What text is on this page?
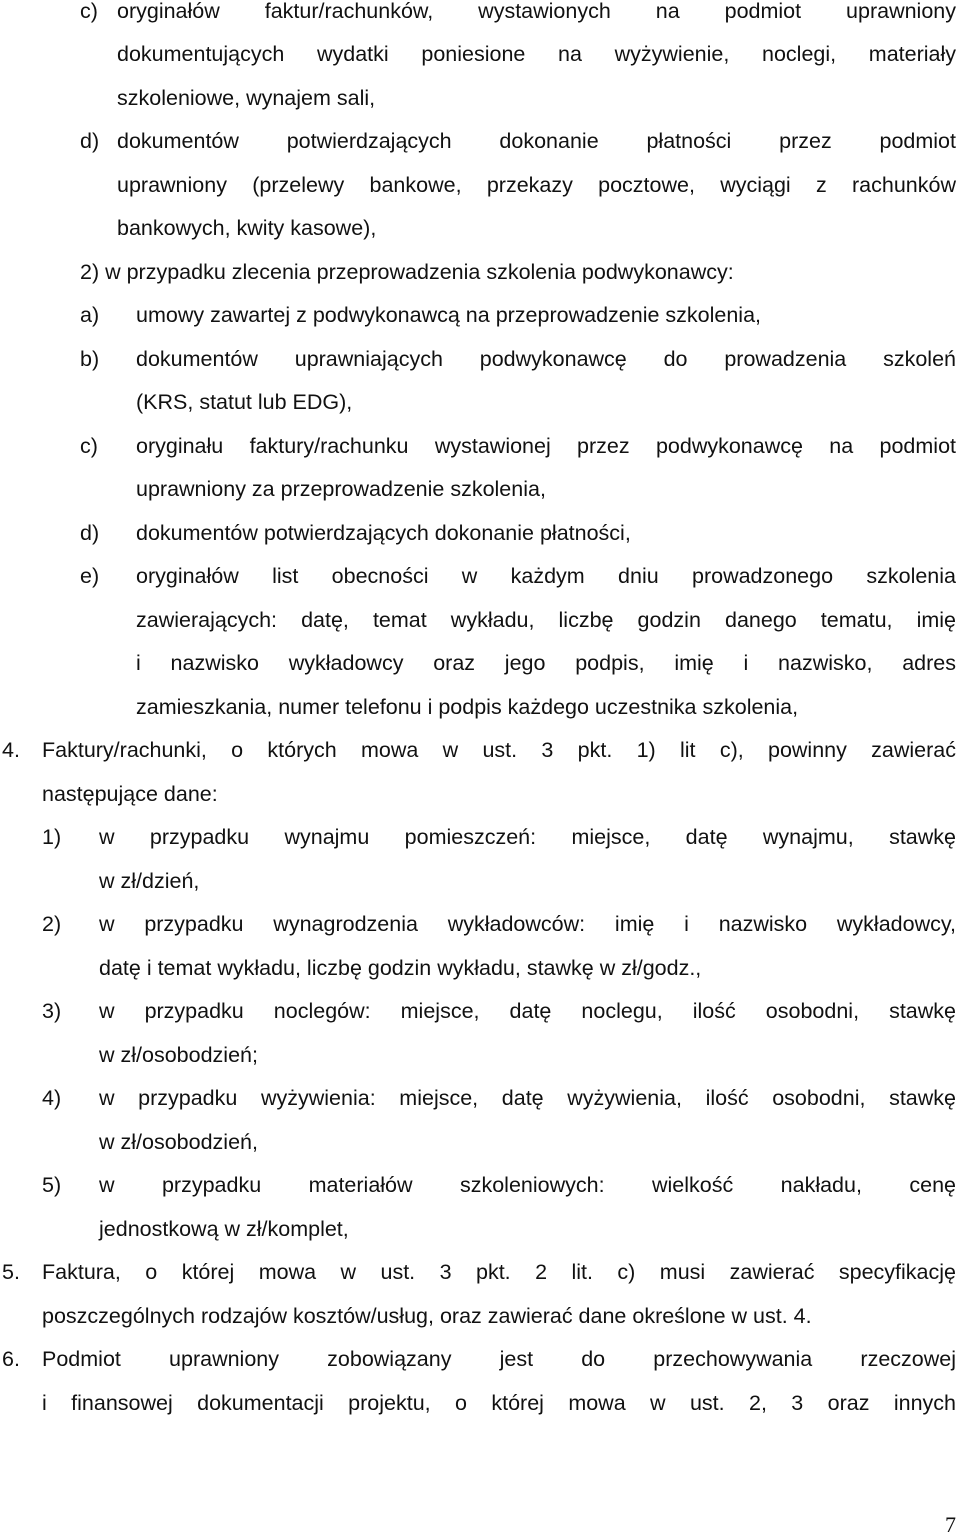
c) oryginałów faktur/rachunków, wystawionych na podmiot uprawniony
dokumentujących wydatki poniesione na wyżywienie, noclegi, materiały
szkoleniowe, wynajem sali,
d) dokumentów potwierdzających dokonanie płatności przez podmiot
uprawniony (przelewy bankowe, przekazy pocztowe, wyciągi z rachunków
bankowych, kwity kasowe),
2) w przypadku zlecenia przeprowadzenia szkolenia podwykonawcy:
a) umowy zawartej z podwykonawcą na przeprowadzenie szkolenia,
b) dokumentów uprawniających podwykonawcę do prowadzenia szkoleń
(KRS, statut lub EDG),
c) oryginału faktury/rachunku wystawionej przez podwykonawcę na podmiot
uprawniony za przeprowadzenie szkolenia,
d) dokumentów potwierdzających dokonanie płatności,
e) oryginałów list obecności w każdym dniu prowadzonego szkolenia
zawierających: datę, temat wykładu, liczbę godzin danego tematu, imię
i nazwisko wykładowcy oraz jego podpis, imię i nazwisko, adres
zamieszkania, numer telefonu i podpis każdego uczestnika szkolenia,
4. Faktury/rachunki, o których mowa w ust. 3 pkt. 1) lit c), powinny zawierać
następujące dane:
1) w przypadku wynajmu pomieszczeń: miejsce, datę wynajmu, stawkę
w zł/dzień,
2) w przypadku wynagrodzenia wykładowców: imię i nazwisko wykładowcy,
datę i temat wykładu, liczbę godzin wykładu, stawkę w zł/godz.,
3) w przypadku noclegów: miejsce, datę noclegu, ilość osobodni, stawkę
w zł/osobodzień;
4) w przypadku wyżywienia: miejsce, datę wyżywienia, ilość osobodni, stawkę
w zł/osobodzień,
5) w przypadku materiałów szkoleniowych: wielkość nakładu, cenę
jednostkową w zł/komplet,
5. Faktura, o której mowa w ust. 3 pkt. 2 lit. c) musi zawierać specyfikację
poszczególnych rodzajów kosztów/usług, oraz zawierać dane określone w ust. 4.
6. Podmiot uprawniony zobowiązany jest do przechowywania rzeczowej
i finansowej dokumentacji projektu, o której mowa w ust. 2, 3 oraz innych
7
